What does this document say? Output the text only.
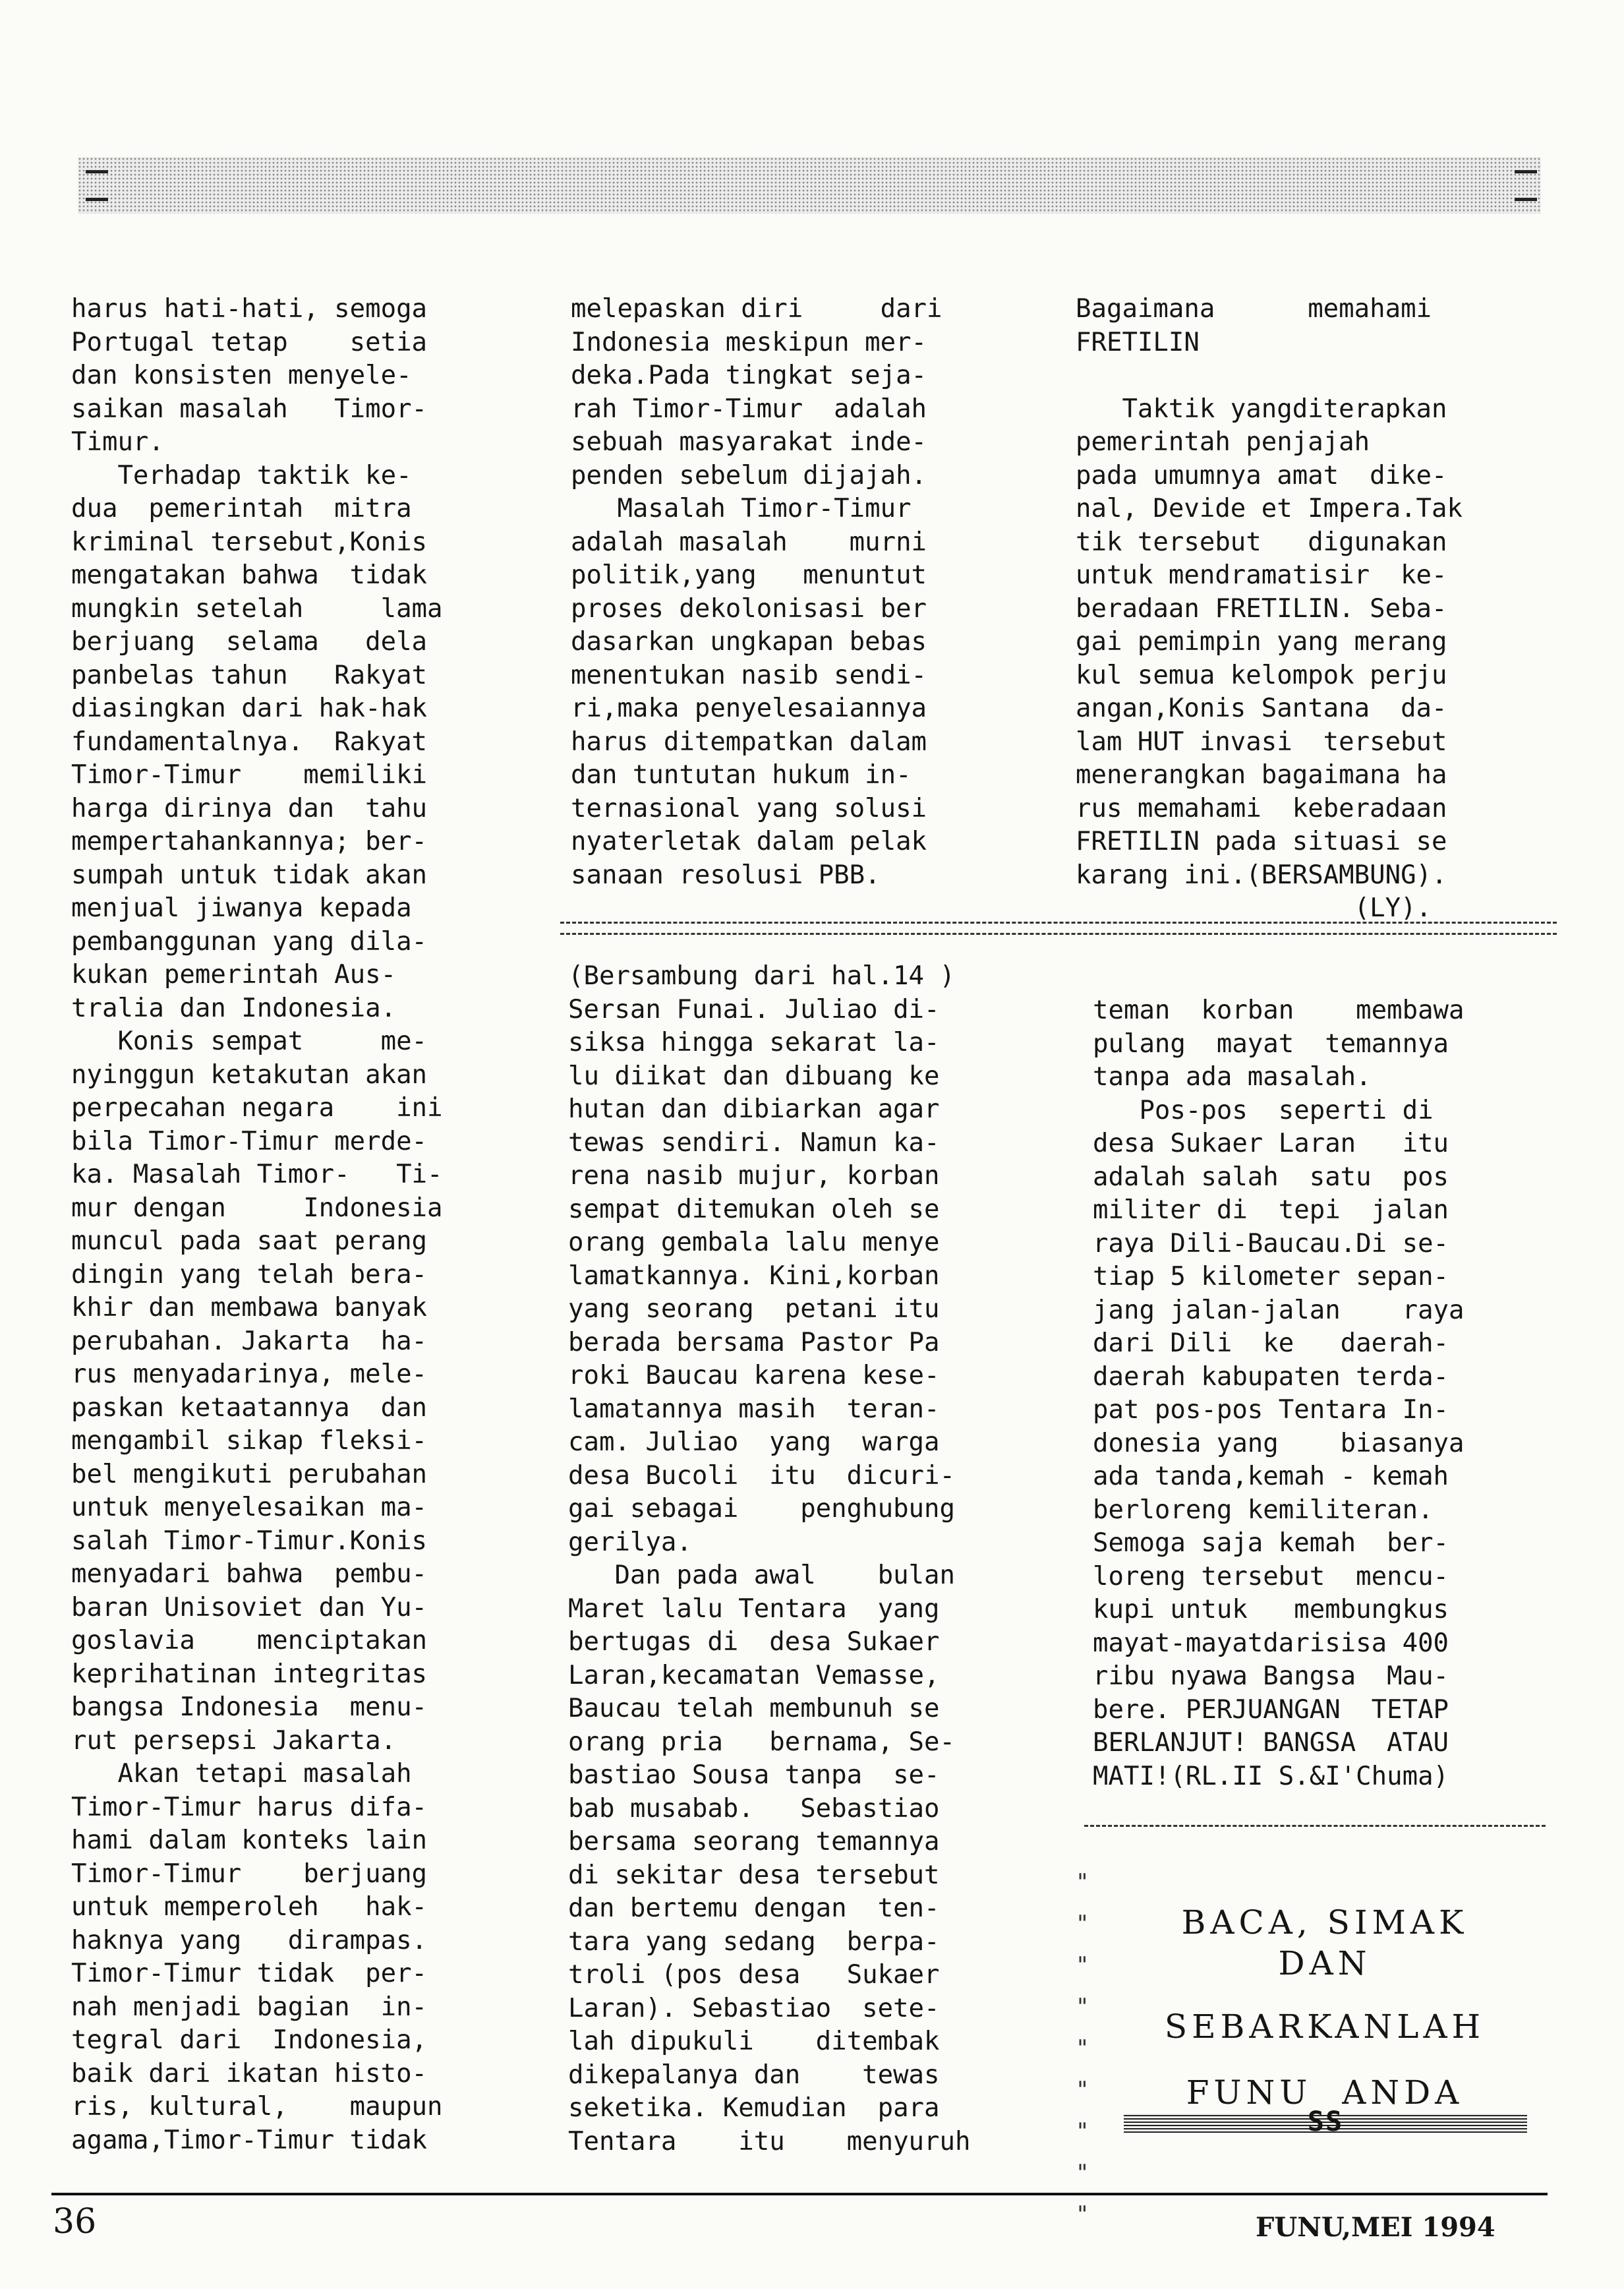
harus hati-hati, semoga
Portugal tetap    setia
dan konsisten menyele-
saikan masalah   Timor-
Timur.
Terhadap taktik ke-
dua  pemerintah  mitra
kriminal tersebut,Konis
mengatakan bahwa  tidak
mungkin setelah     lama
berjuang  selama   dela
panbelas tahun   Rakyat
diasingkan dari hak-hak
fundamentalnya.  Rakyat
Timor-Timur    memiliki
harga dirinya dan  tahu
mempertahankannya; ber-
sumpah untuk tidak akan
menjual jiwanya kepada
pembanggunan yang dila-
kukan pemerintah Aus-
tralia dan Indonesia.
Konis sempat     me-
nyinggun ketakutan akan
perpecahan negara    ini
bila Timor-Timur merde-
ka. Masalah Timor-   Ti-
mur dengan     Indonesia
muncul pada saat perang
dingin yang telah bera-
khir dan membawa banyak
perubahan. Jakarta  ha-
rus menyadarinya, mele-
paskan ketaatannya  dan
mengambil sikap fleksi-
bel mengikuti perubahan
untuk menyelesaikan ma-
salah Timor-Timur.Konis
menyadari bahwa  pembu-
baran Unisoviet dan Yu-
goslavia    menciptakan
keprihatinan integritas
bangsa Indonesia  menu-
rut persepsi Jakarta.
Akan tetapi masalah
Timor-Timur harus difa-
hami dalam konteks lain
Timor-Timur    berjuang
untuk memperoleh   hak-
haknya yang   dirampas.
Timor-Timur tidak  per-
nah menjadi bagian  in-
tegral dari  Indonesia,
baik dari ikatan histo-
ris, kultural,    maupun
agama,Timor-Timur tidak
melepaskan diri     dari
Indonesia meskipun mer-
deka.Pada tingkat seja-
rah Timor-Timur  adalah
sebuah masyarakat inde-
penden sebelum dijajah.
Masalah Timor-Timur
adalah masalah    murni
politik,yang   menuntut
proses dekolonisasi ber
dasarkan ungkapan bebas
menentukan nasib sendi-
ri,maka penyelesaiannya
harus ditempatkan dalam
dan tuntutan hukum in-
ternasional yang solusi
nyaterletak dalam pelak
sanaan resolusi PBB.
Bagaimana      memahami
FRETILIN

Taktik yangditerapkan
pemerintah penjajah
pada umumnya amat  dike-
nal, Devide et Impera.Tak
tik tersebut   digunakan
untuk mendramatisir  ke-
beradaan FRETILIN. Seba-
gai pemimpin yang merang
kul semua kelompok perju
angan,Konis Santana  da-
lam HUT invasi  tersebut
menerangkan bagaimana ha
rus memahami  keberadaan
FRETILIN pada situasi se
karang ini.(BERSAMBUNG).
(LY).
(Bersambung dari hal.14 )
Sersan Funai. Juliao di-
siksa hingga sekarat la-
lu diikat dan dibuang ke
hutan dan dibiarkan agar
tewas sendiri. Namun ka-
rena nasib mujur, korban
sempat ditemukan oleh se
orang gembala lalu menye
lamatkannya. Kini,korban
yang seorang  petani itu
berada bersama Pastor Pa
roki Baucau karena kese-
lamatannya masih  teran-
cam. Juliao  yang  warga
desa Bucoli  itu  dicuri-
gai sebagai    penghubung
gerilya.
Dan pada awal    bulan
Maret lalu Tentara  yang
bertugas di  desa Sukaer
Laran,kecamatan Vemasse,
Baucau telah membunuh se
orang pria   bernama, Se-
bastiao Sousa tanpa  se-
bab musabab.   Sebastiao
bersama seorang temannya
di sekitar desa tersebut
dan bertemu dengan  ten-
tara yang sedang  berpa-
troli (pos desa   Sukaer
Laran). Sebastiao  sete-
lah dipukuli    ditembak
dikepalanya dan    tewas
seketika. Kemudian  para
Tentara    itu    menyuruh
teman  korban    membawa
pulang  mayat  temannya
tanpa ada masalah.
Pos-pos  seperti di
desa Sukaer Laran   itu
adalah salah  satu  pos
militer di  tepi  jalan
raya Dili-Baucau.Di se-
tiap 5 kilometer sepan-
jang jalan-jalan    raya
dari Dili  ke   daerah-
daerah kabupaten terda-
pat pos-pos Tentara In-
donesia yang    biasanya
ada tanda,kemah - kemah
berloreng kemiliteran.
Semoga saja kemah  ber-
loreng tersebut  mencu-
kupi untuk   membungkus
mayat-mayatdarisisa 400
ribu nyawa Bangsa  Mau-
bere. PERJUANGAN  TETAP
BERLANJUT! BANGSA  ATAU
MATI!(RL.II S.&I'Chuma)
"
"
"
"
"
"
"
"
"
BACA, SIMAK
DAN
SEBARKANLAH
FUNU  ANDA
SS
36	FUNU,MEI 1994
